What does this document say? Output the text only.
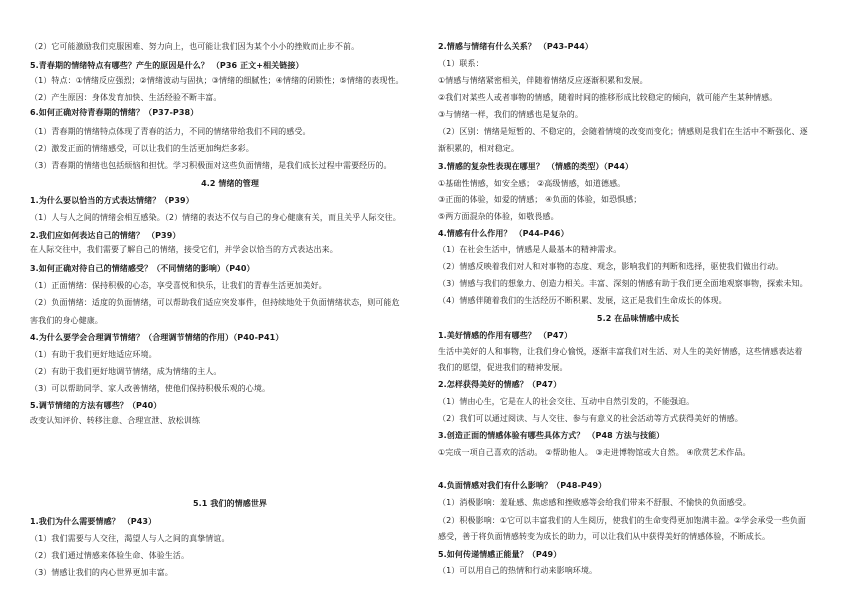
（2）它可能激励我们克服困难、努力向上，也可能让我们因为某个小小的挫败而止步不前。
5.青春期的情绪特点有哪些？产生的原因是什么？ （P36 正文+相关链接）
（1）特点：①情绪反应强烈；②情绪波动与固执；③情绪的细腻性；④情绪的闭锁性；⑤情绪的表现性。
（2）产生原因：身体发育加快、生活经验不断丰富。
6.如何正确对待青春期的情绪？（P37-P38）
（1）青春期的情绪特点体现了青春的活力，不同的情绪带给我们不同的感受。
（2）激发正面的情绪感受，可以让我们的生活更加绚烂多彩。
（3）青春期的情绪也包括烦恼和担忧。学习积极面对这些负面情绪，是我们成长过程中需要经历的。
4.2 情绪的管理
1.为什么要以恰当的方式表达情绪？（P39）
（1）人与人之间的情绪会相互感染。（2）情绪的表达不仅与自己的身心健康有关，而且关乎人际交往。
2.我们应如何表达自己的情绪？ （P39）
在人际交往中，我们需要了解自己的情绪，接受它们，并学会以恰当的方式表达出来。
3.如何正确对待自己的情绪感受？（不同情绪的影响）（P40）
（1）正面情绪：保持积极的心态，享受喜悦和快乐，让我们的青春生活更加美好。
（2）负面情绪：适度的负面情绪，可以帮助我们适应突发事件，但持续地处于负面情绪状态，则可能危
害我们的身心健康。
4.为什么要学会合理调节情绪？（合理调节情绪的作用）（P40-P41）
（1）有助于我们更好地适应环境。
（2）有助于我们更好地调节情绪，成为情绪的主人。
（3）可以帮助同学、家人改善情绪，使他们保持积极乐观的心境。
5.调节情绪的方法有哪些？（P40）
改变认知评价、转移注意、合理宣泄、放松训练
5.1 我们的情感世界
1.我们为什么需要情感？ （P43）
（1）我们需要与人交往，渴望人与人之间的真挚情谊。
（2）我们通过情感来体验生命、体验生活。
（3）情感让我们的内心世界更加丰富。
2.情感与情绪有什么关系？ （P43-P44）
（1）联系：
①情感与情绪紧密相关，伴随着情绪反应逐渐积累和发展。
②我们对某些人或者事物的情感，随着时间的推移形成比较稳定的倾向，就可能产生某种情感。
③与情绪一样，我们的情感也是复杂的。
（2）区别：情绪是短暂的、不稳定的，会随着情境的改变而变化；情感则是我们在生活中不断强化、逐
渐积累的，相对稳定。
3.情感的复杂性表现在哪里？ （情感的类型）（P44）
①基础性情感，如安全感； ②高级情感，如道德感。
③正面的体验，如爱的情感； ④负面的体验，如恐惧感；
⑤两方面混杂的体验，如敬畏感。
4.情感有什么作用？ （P44-P46）
（1）在社会生活中，情感是人最基本的精神需求。
（2）情感反映着我们对人和对事物的态度、观念，影响我们的判断和选择，驱使我们做出行动。
（3）情感与我们的想象力、创造力相关。丰富、深刻的情感有助于我们更全面地观察事物，探索未知。
（4）情感伴随着我们的生活经历不断积累、发展，这正是我们生命成长的体现。
5.2 在品味情感中成长
1.美好情感的作用有哪些？ （P47）
生活中美好的人和事物，让我们身心愉悦，逐渐丰富我们对生活、对人生的美好情感，这些情感表达着
我们的愿望，促进我们的精神发展。
2.怎样获得美好的情感？（P47）
（1）情由心生，它是在人的社会交往、互动中自然引发的，不能强迫。
（2）我们可以通过阅读、与人交往、参与有意义的社会活动等方式获得美好的情感。
3.创造正面的情感体验有哪些具体方式？ （P48 方法与技能）
①完成一项自己喜欢的活动。 ②帮助他人。 ③走进博物馆或大自然。 ④欣赏艺术作品。
4.负面情感对我们有什么影响？（P48-P49）
（1）消极影响：羞耻感、焦虑感和挫败感等会给我们带来不舒服、不愉快的负面感受。
（2）积极影响：①它可以丰富我们的人生阅历，使我们的生命变得更加饱满丰盈。②学会承受一些负面
感受，善于将负面情感转变为成长的助力，可以让我们从中获得美好的情感体验，不断成长。
5.如何传递情感正能量？（P49）
（1）可以用自己的热情和行动来影响环境。
